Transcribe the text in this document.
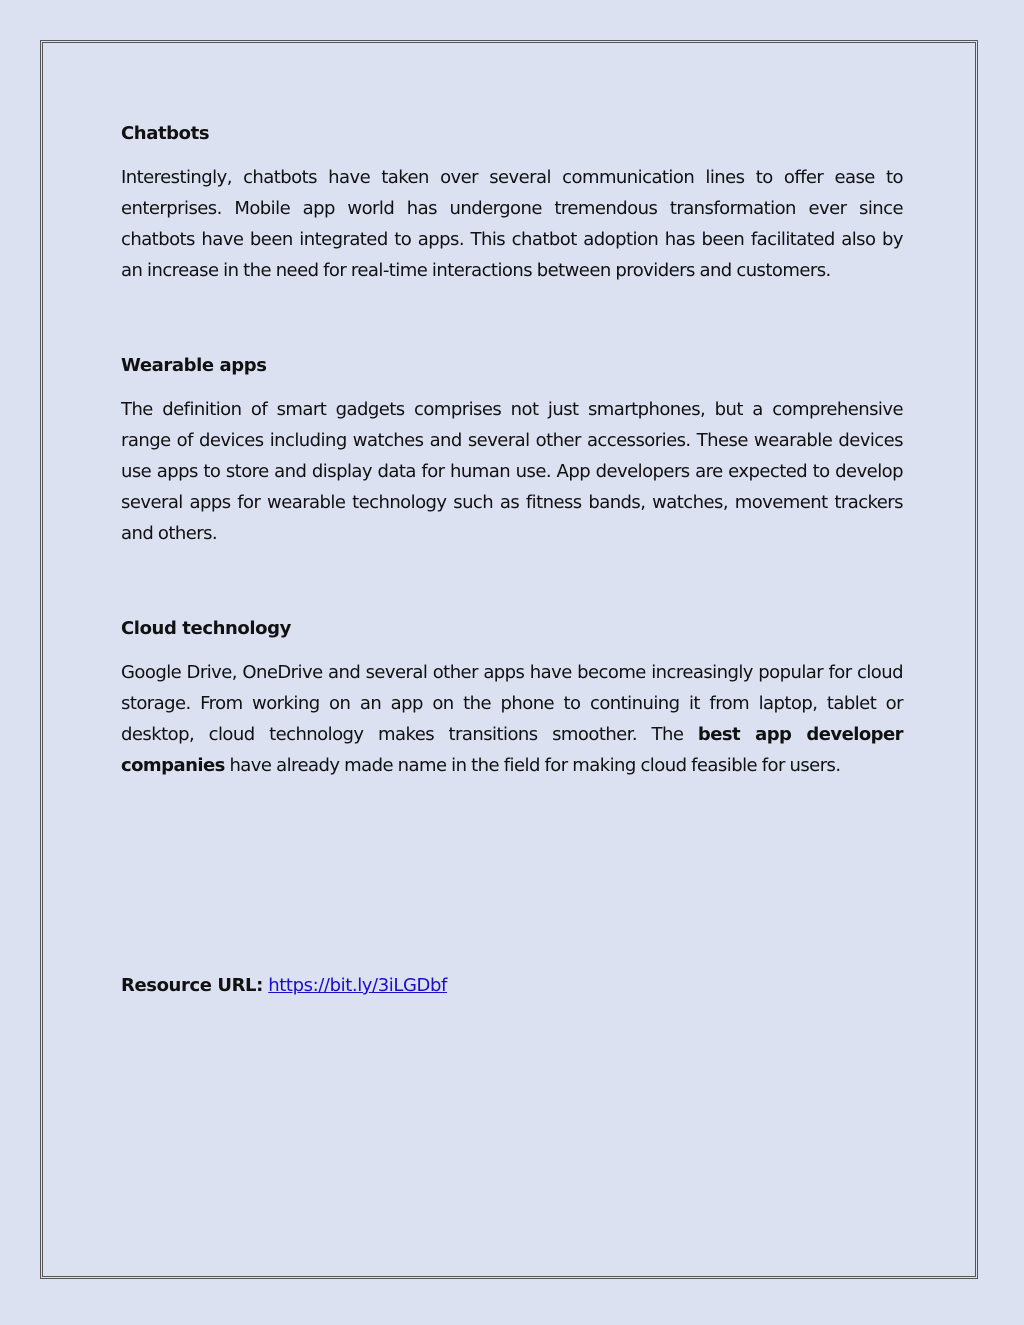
Chatbots

Interestingly, chatbots have taken over several communication lines to offer ease to enterprises. Mobile app world has undergone tremendous transformation ever since chatbots have been integrated to apps. This chatbot adoption has been facilitated also by an increase in the need for real-time interactions between providers and customers.

Wearable apps

The definition of smart gadgets comprises not just smartphones, but a comprehensive range of devices including watches and several other accessories. These wearable devices use apps to store and display data for human use. App developers are expected to develop several apps for wearable technology such as fitness bands, watches, movement trackers and others.

Cloud technology

Google Drive, OneDrive and several other apps have become increasingly popular for cloud storage. From working on an app on the phone to continuing it from laptop, tablet or desktop, cloud technology makes transitions smoother. The best app developer companies have already made name in the field for making cloud feasible for users.

Resource URL: https://bit.ly/3iLGDbf
